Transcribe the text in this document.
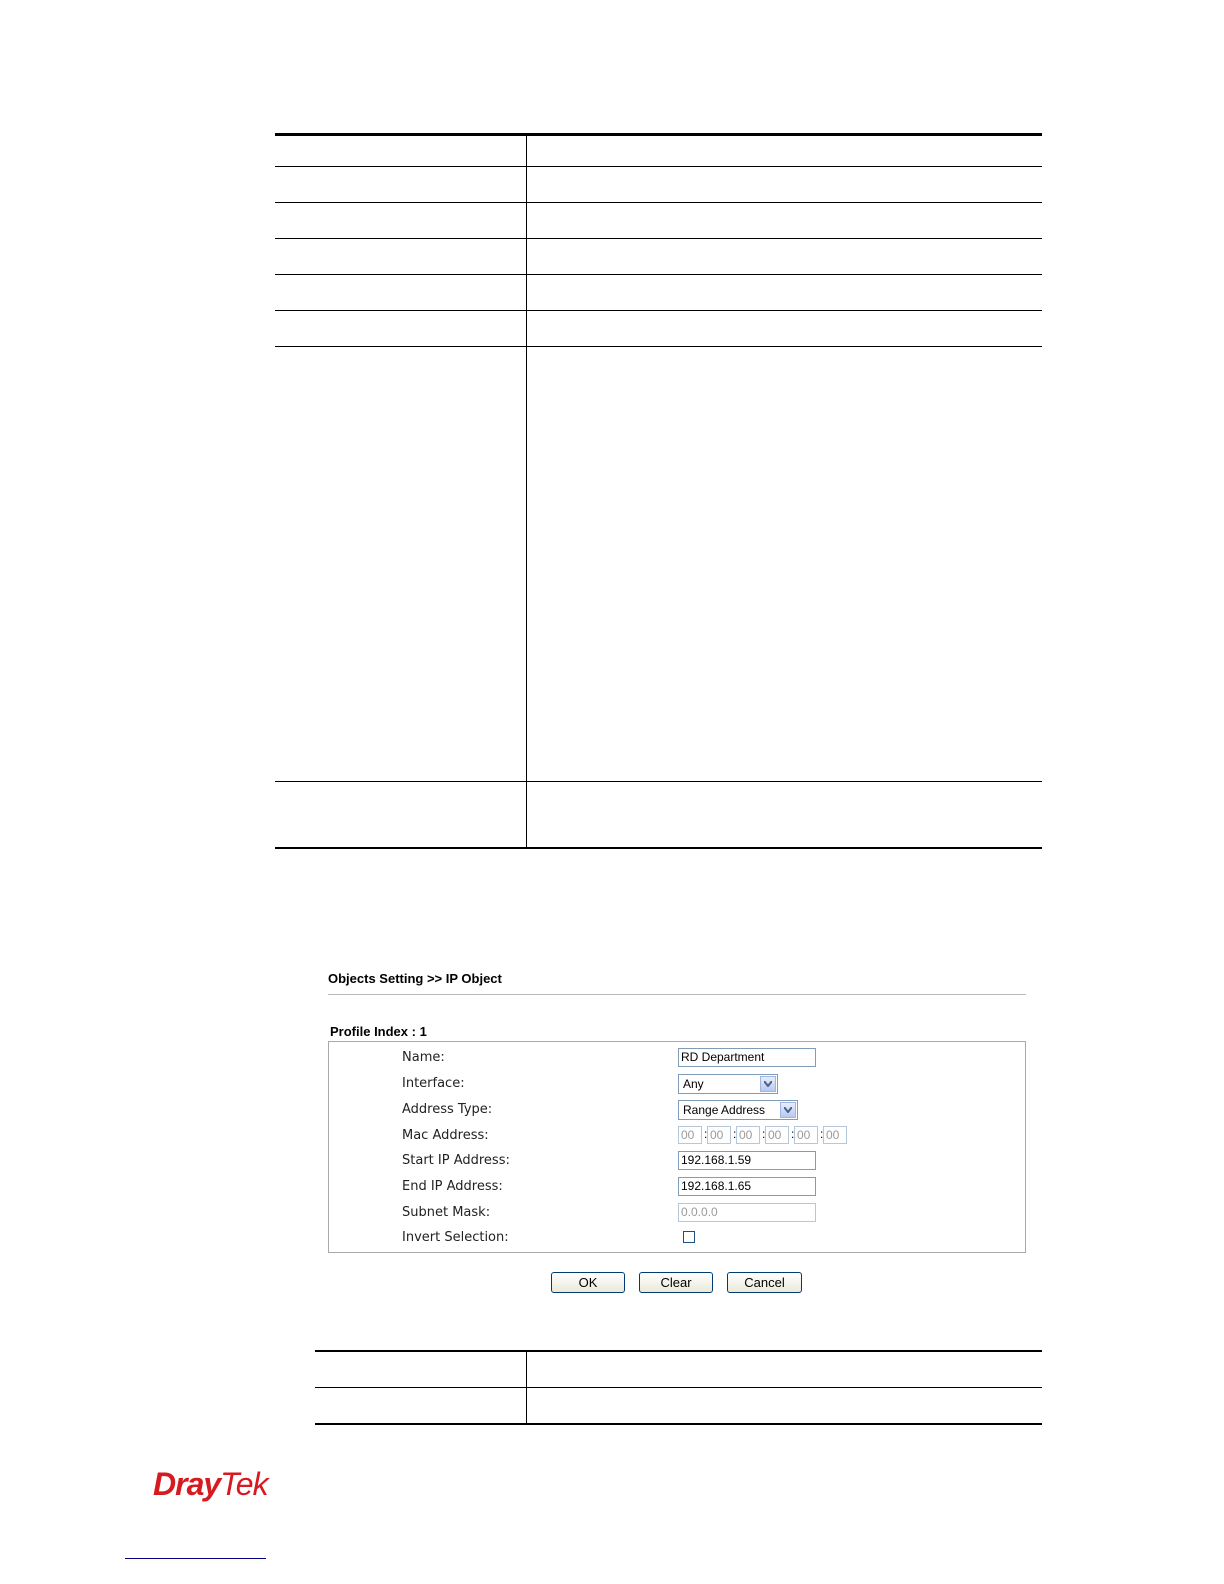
Objects Setting >> IP Object
Profile Index : 1
Name:	RD Department
Interface:	Any
Address Type:	Range Address
Mac Address:	00 : 00 : 00 : 00 : 00 : 00
Start IP Address:	192.168.1.59
End IP Address:	192.168.1.65
Subnet Mask:	0.0.0.0
Invert Selection:
OK	Clear	Cancel
DrayTek
